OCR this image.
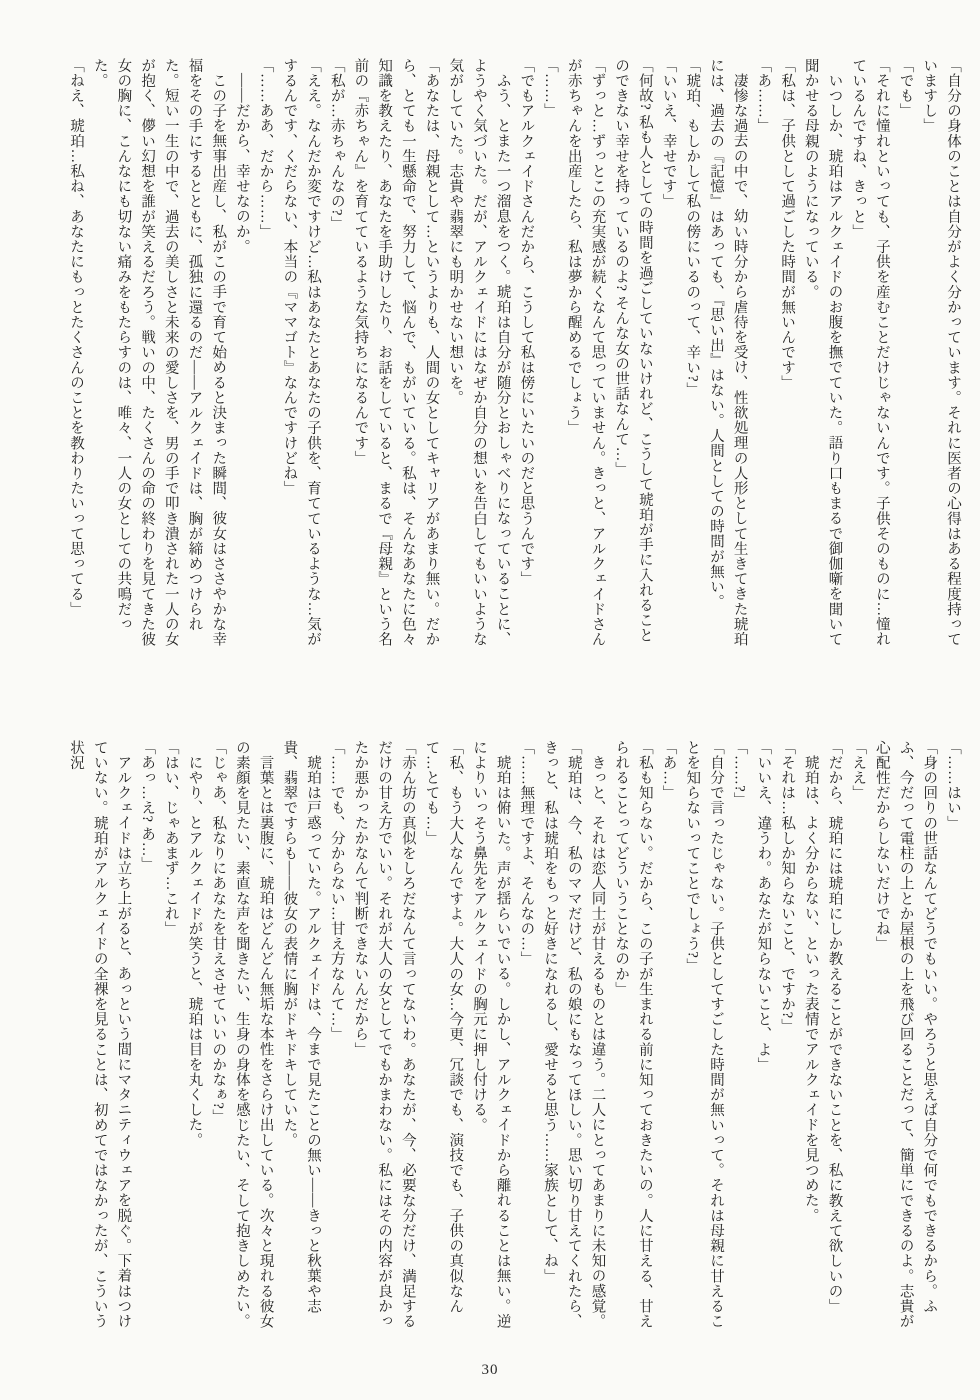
「自分の身体のことは自分がよく分かっています。それに医者の心得はある程度持っていますし」

「でも」

「それに憧れといっても、子供を産むことだけじゃないんです。子供そのものに…憧れているんですね、きっと」

いつしか、琥珀はアルクェイドのお腹を撫でていた。語り口もまるで御伽噺を聞いて聞かせる母親のようになっている。

「私は、子供として過ごした時間が無いんです」

「あ……」

凄惨な過去の中で、幼い時分から虐待を受け、性欲処理の人形として生きてきた琥珀には、過去の『記憶』はあっても、『思い出』はない。人間としての時間が無い。

「琥珀、もしかして私の傍にいるのって、辛い?」

「いいえ、幸せです」

「何故? 私も人としての時間を過ごしていないけれど、こうして琥珀が手に入れることのできない幸せを持っているのよ? そんな女の世話なんて…」

「ずっと…ずっとこの充実感が続くなんて思っていません。きっと、アルクェイドさんが赤ちゃんを出産したら、私は夢から醒めるでしょう」

「……」

「でもアルクェイドさんだから、こうして私は傍にいたいのだと思うんです」

ふう、とまた一つ溜息をつく。琥珀は自分が随分とおしゃべりになっていることに、ようやく気づいた。だが、アルクェイドにはなぜか自分の想いを告白してもいいような気がしていた。志貴や翡翠にも明かせない想いを。

「あなたは、母親として…というよりも、人間の女としてキャリアがあまり無い。だから、とても一生懸命で、努力して、悩んで、もがいている。私は、そんなあなたに色々知識を教えたり、あなたを手助けしたり、お話をしていると、まるで『母親』という名前の『赤ちゃん』を育てているような気持ちになるんです」

「私が…赤ちゃんなの?」

「ええ。なんだか変ですけど…私はあなたとあなたの子供を、育てているような…気がするんです、くだらない、本当の『ママゴト』なんですけどね」

「……ああ、だから……」

――だから、幸せなのか。

この子を無事出産し、私がこの手で育て始めると決まった瞬間、彼女はささやかな幸福をその手にするとともに、孤独に還るのだ――アルクェイドは、胸が締めつけられた。短い一生の中で、過去の美しさと未来の愛しさを、男の手で叩き潰された一人の女が抱く、儚い幻想を誰が笑えるだろう。戦いの中、たくさんの命の終わりを見てきた彼女の胸に、こんなにも切ない痛みをもたらすのは、唯々、一人の女としての共鳴だった。

「ねえ、琥珀…私ね、あなたにもっとたくさんのことを教わりたいって思ってる」

「……はい」

「身の回りの世話なんてどうでもいい。やろうと思えば自分で何でもできるから。ふふ、今だって電柱の上とか屋根の上を飛び回ることだって、簡単にできるのよ。志貴が心配性だからしないだけでね」

「ええ」

「だから、琥珀には琥珀にしか教えることができないことを、私に教えて欲しいの」

琥珀は、よく分からない、といった表情でアルクェイドを見つめた。

「それは…私しか知らないこと、ですか?」

「いいえ、違うわ。あなたが知らないこと、よ」

「……?」

「自分で言ったじゃない。子供としてすごした時間が無いって。それは母親に甘えることを知らないってことでしょう?」

「あ…」

「私も知らない。だから、この子が生まれる前に知っておきたいの。人に甘える、甘えられることってどういうことなのか」

きっと、それは恋人同士が甘えるものとは違う。二人にとってあまりに未知の感覚。

「琥珀は、今、私のママだけど、私の娘にもなってほしい。思い切り甘えてくれたら、きっと、私は琥珀をもっと好きになれるし、愛せると思う……家族として、ね」

「……無理ですよ、そんなの…」

琥珀は俯いた。声が揺らいでいる。しかし、アルクェイドから離れることは無い。逆によりいっそう鼻先をアルクェイドの胸元に押し付ける。

「私、もう大人なんですよ。大人の女…今更、冗談でも、演技でも、子供の真似なんて…とても…」

「赤ん坊の真似をしろだなんて言ってないわ。あなたが、今、必要な分だけ、満足するだけの甘え方でいい。それが大人の女としてでもかまわない。私にはその内容が良かったか悪かったかなんて判断できないんだから」

「……でも、分からない…甘え方なんて…」

琥珀は戸惑っていた。アルクェイドは、今まで見たことの無い――きっと秋葉や志貴、翡翠ですらも――彼女の表情に胸がドキドキしていた。

言葉とは裏腹に、琥珀はどんどん無垢な本性をさらけ出している。次々と現れる彼女の素顔を見たい、素直な声を聞きたい、生身の身体を感じたい、そして抱きしめたい。

「じゃあ、私なりにあなたを甘えさせていいのかなぁ?」

にやり、とアルクェイドが笑うと、琥珀は目を丸くした。

「はい、じゃあまず…これ」

「あっ…え? あ…」

アルクェイドは立ち上がると、あっという間にマタニティウェアを脱ぐ。下着はつけていない。琥珀がアルクェイドの全裸を見ることは、初めてではなかったが、こういう状況

30
